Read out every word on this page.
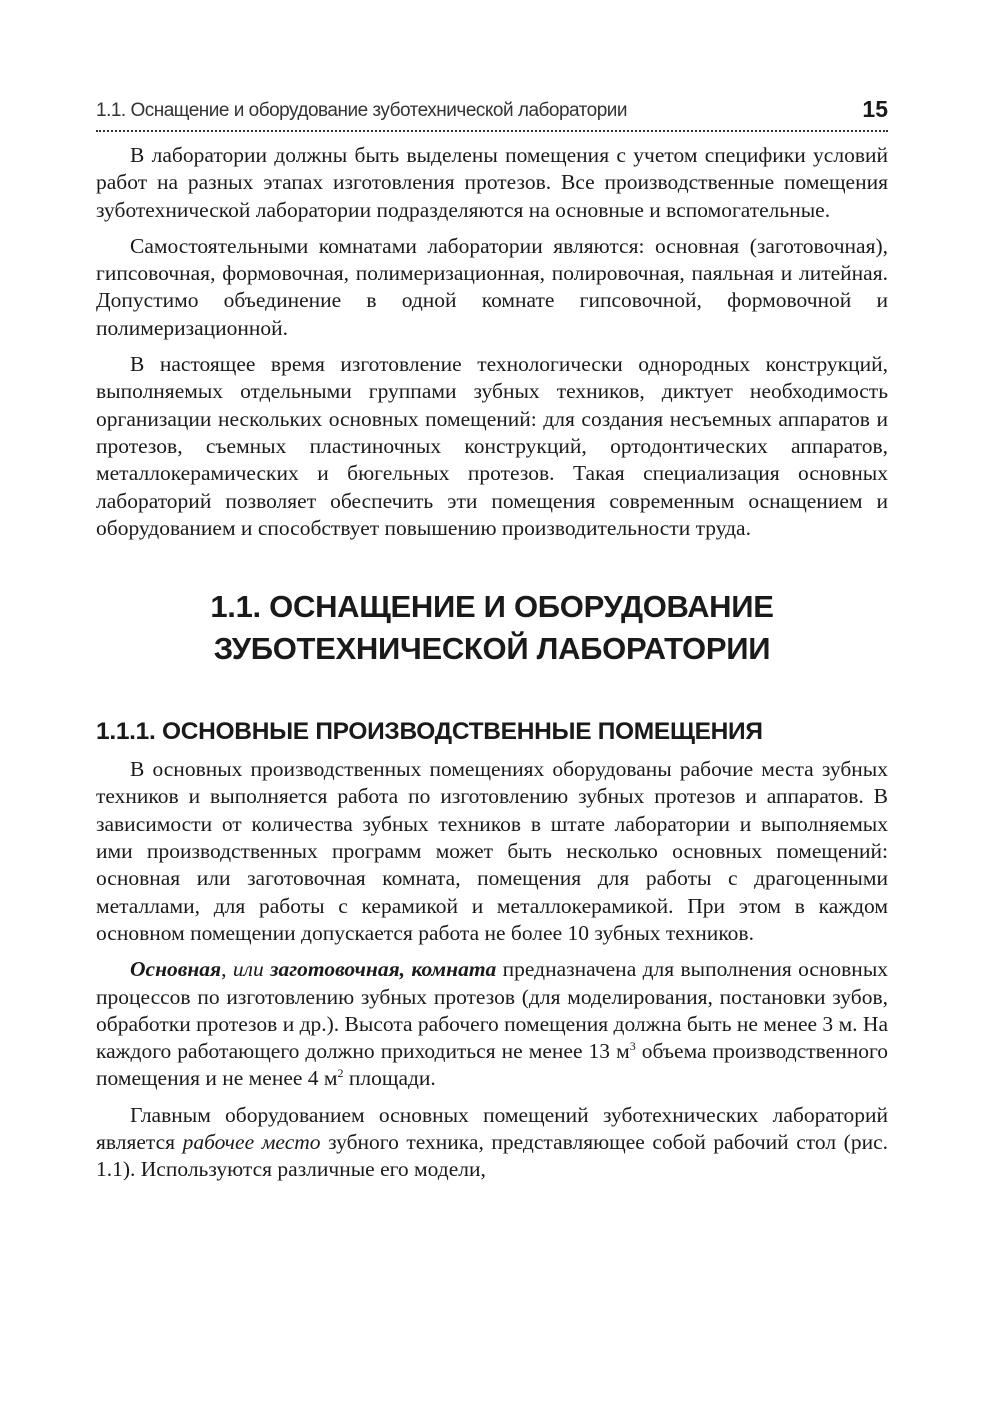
1.1. Оснащение и оборудование зуботехнической лаборатории	15

В лаборатории должны быть выделены помещения с учетом специфики условий работ на разных этапах изготовления протезов. Все производственные помещения зуботехнической лаборатории подразделяются на основные и вспомогательные.

Самостоятельными комнатами лаборатории являются: основная (заготовочная), гипсовочная, формовочная, полимеризационная, полировочная, паяльная и литейная. Допустимо объединение в одной комнате гипсовочной, формовочной и полимеризационной.

В настоящее время изготовление технологически однородных конструкций, выполняемых отдельными группами зубных техников, диктует необходимость организации нескольких основных помещений: для создания несъемных аппаратов и протезов, съемных пластиночных конструкций, ортодонтических аппаратов, металлокерамических и бюгельных протезов. Такая специализация основных лабораторий позволяет обеспечить эти помещения современным оснащением и оборудованием и способствует повышению производительности труда.

1.1. ОСНАЩЕНИЕ И ОБОРУДОВАНИЕ
ЗУБОТЕХНИЧЕСКОЙ ЛАБОРАТОРИИ
1.1.1. ОСНОВНЫЕ ПРОИЗВОДСТВЕННЫЕ ПОМЕЩЕНИЯ

В основных производственных помещениях оборудованы рабочие места зубных техников и выполняется работа по изготовлению зубных протезов и аппаратов. В зависимости от количества зубных техников в штате лаборатории и выполняемых ими производственных программ может быть несколько основных помещений: основная или заготовочная комната, помещения для работы с драгоценными металлами, для работы с керамикой и металлокерамикой. При этом в каждом основном помещении допускается работа не более 10 зубных техников.

Основная, или заготовочная, комната предназначена для выполнения основных процессов по изготовлению зубных протезов (для моделирования, постановки зубов, обработки протезов и др.). Высота рабочего помещения должна быть не менее 3 м. На каждого работающего должно приходиться не менее 13 $м^3$ объема производственного помещения и не менее 4 $м^2$ площади.

Главным оборудованием основных помещений зуботехнических лабораторий является рабочее место зубного техника, представляющее собой рабочий стол (рис. 1.1). Используются различные его модели,
